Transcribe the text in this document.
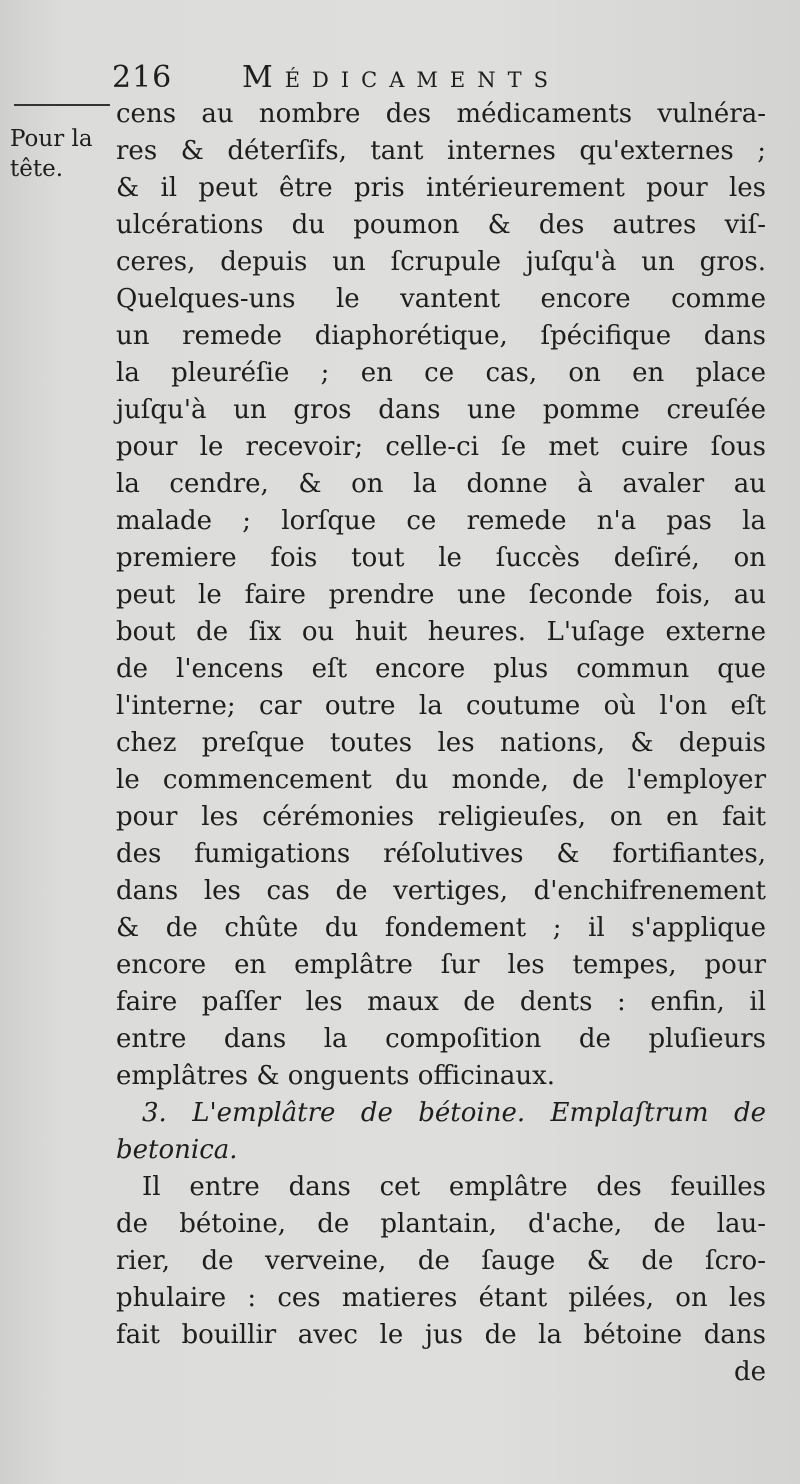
216 Médicaments
Pour la
tête.
cens au nombre des médicaments vulnéra-
res & déterſifs, tant internes qu'externes ;
& il peut être pris intérieurement pour les
ulcérations du poumon & des autres viſ-
ceres, depuis un ſcrupule juſqu'à un gros.
Quelques-uns le vantent encore comme
un remede diaphorétique, ſpécifique dans
la pleuréſie ; en ce cas, on en place
juſqu'à un gros dans une pomme creuſée
pour le recevoir; celle-ci ſe met cuire ſous
la cendre, & on la donne à avaler au
malade ; lorſque ce remede n'a pas la
premiere fois tout le ſuccès deſiré, on
peut le faire prendre une ſeconde fois, au
bout de ſix ou huit heures. L'uſage externe
de l'encens eſt encore plus commun que
l'interne; car outre la coutume où l'on eſt
chez preſque toutes les nations, & depuis
le commencement du monde, de l'employer
pour les cérémonies religieuſes, on en fait
des fumigations réſolutives & fortifiantes,
dans les cas de vertiges, d'enchifrenement
& de chûte du fondement ; il s'applique
encore en emplâtre ſur les tempes, pour
faire paſſer les maux de dents : enfin, il
entre dans la compoſition de pluſieurs
emplâtres & onguents officinaux.
3. L'emplâtre de bétoine. Emplaſtrum de
betonica.
Il entre dans cet emplâtre des feuilles
de bétoine, de plantain, d'ache, de lau-
rier, de verveine, de ſauge & de ſcro-
phulaire : ces matieres étant pilées, on les
fait bouillir avec le jus de la bétoine dans
de
